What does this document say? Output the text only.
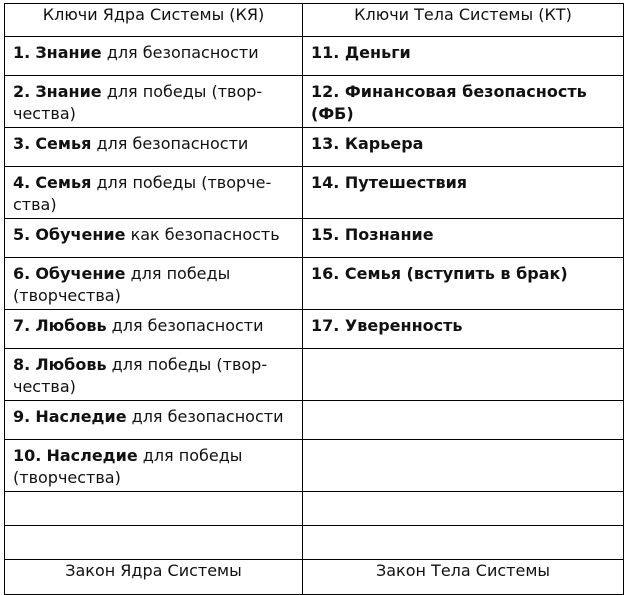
Ключи Ядра Системы (КЯ)	Ключи Тела Системы (КТ)
1. Знание для безопасности	11. Деньги
2. Знание для победы (твор-
чества)	12. Финансовая безопасность
(ФБ)
3. Семья для безопасности	13. Карьера
4. Семья для победы (творче-
ства)	14. Путешествия
5. Обучение как безопасность	15. Познание
6. Обучение для победы
(творчества)	16. Семья (вступить в брак)
7. Любовь для безопасности	17. Уверенность
8. Любовь для победы (твор-
чества)	
9. Наследие для безопасности	
10. Наследие для победы
(творчества)	

Закон Ядра Системы	Закон Тела Системы
